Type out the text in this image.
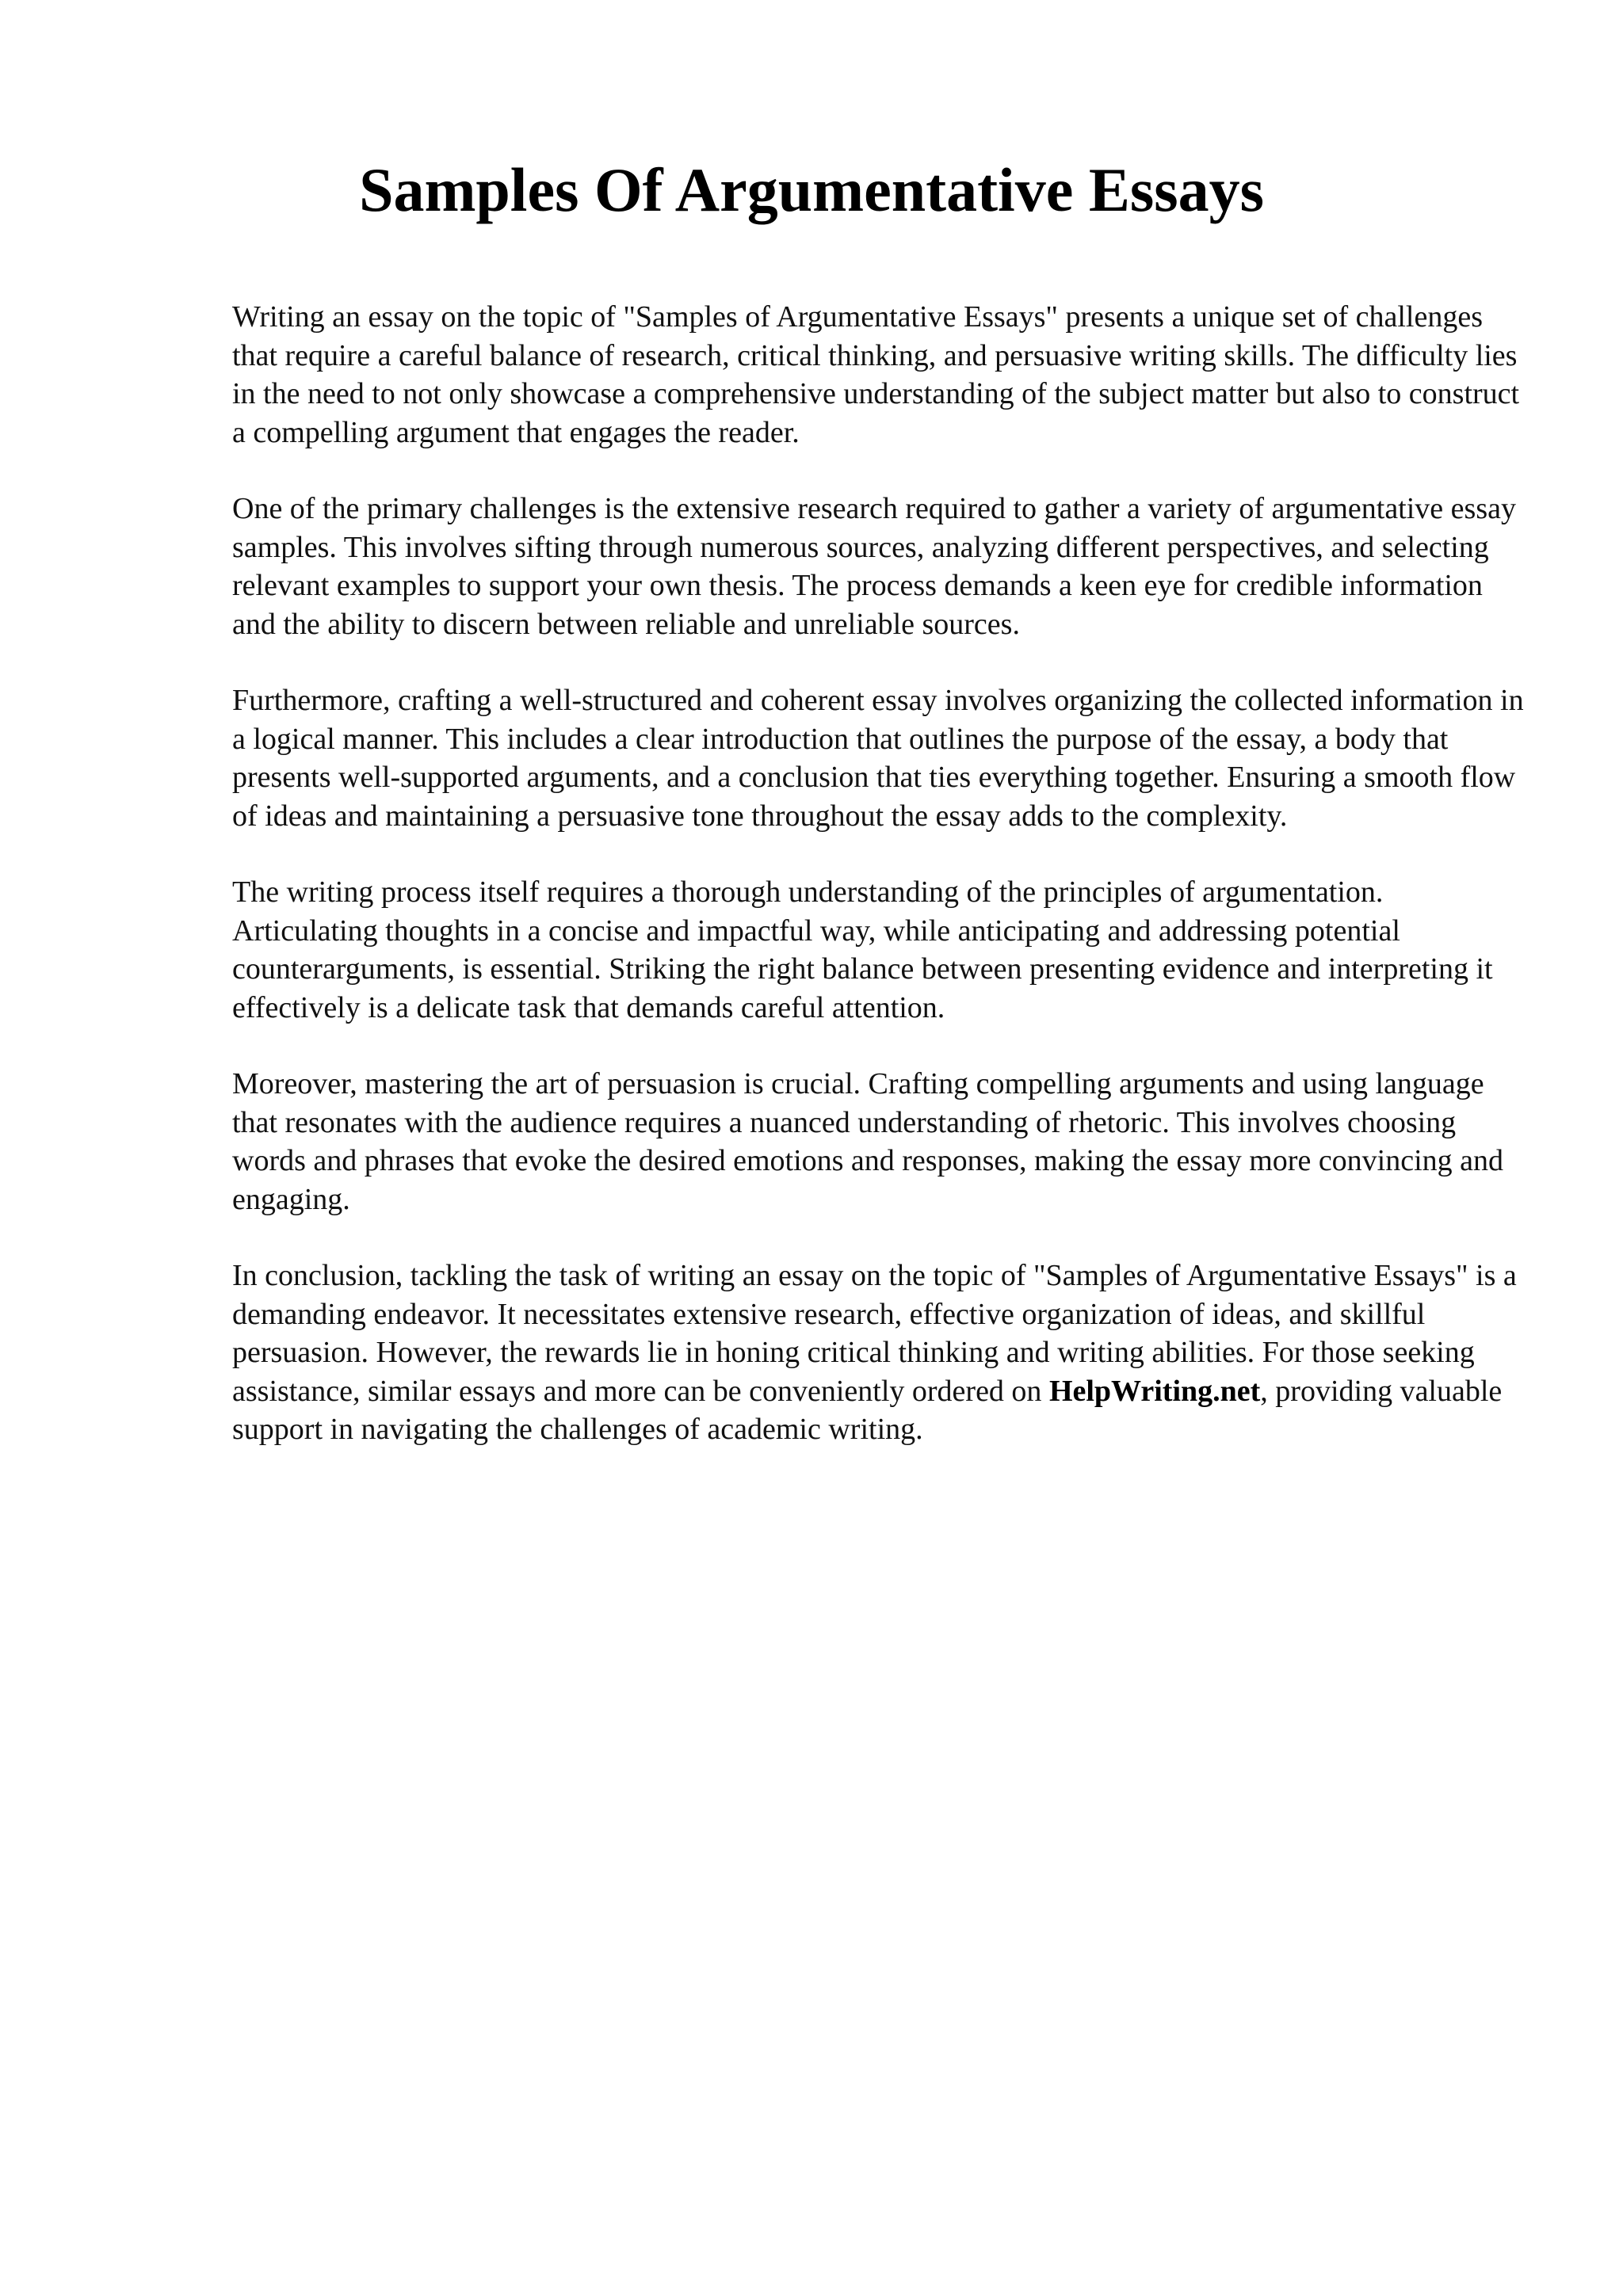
Samples Of Argumentative Essays

Writing an essay on the topic of "Samples of Argumentative Essays" presents a unique set of challenges that require a careful balance of research, critical thinking, and persuasive writing skills. The difficulty lies in the need to not only showcase a comprehensive understanding of the subject matter but also to construct a compelling argument that engages the reader.

One of the primary challenges is the extensive research required to gather a variety of argumentative essay samples. This involves sifting through numerous sources, analyzing different perspectives, and selecting relevant examples to support your own thesis. The process demands a keen eye for credible information and the ability to discern between reliable and unreliable sources.

Furthermore, crafting a well-structured and coherent essay involves organizing the collected information in a logical manner. This includes a clear introduction that outlines the purpose of the essay, a body that presents well-supported arguments, and a conclusion that ties everything together. Ensuring a smooth flow of ideas and maintaining a persuasive tone throughout the essay adds to the complexity.

The writing process itself requires a thorough understanding of the principles of argumentation. Articulating thoughts in a concise and impactful way, while anticipating and addressing potential counterarguments, is essential. Striking the right balance between presenting evidence and interpreting it effectively is a delicate task that demands careful attention.

Moreover, mastering the art of persuasion is crucial. Crafting compelling arguments and using language that resonates with the audience requires a nuanced understanding of rhetoric. This involves choosing words and phrases that evoke the desired emotions and responses, making the essay more convincing and engaging.

In conclusion, tackling the task of writing an essay on the topic of "Samples of Argumentative Essays" is a demanding endeavor. It necessitates extensive research, effective organization of ideas, and skillful persuasion. However, the rewards lie in honing critical thinking and writing abilities. For those seeking assistance, similar essays and more can be conveniently ordered on HelpWriting.net, providing valuable support in navigating the challenges of academic writing.
